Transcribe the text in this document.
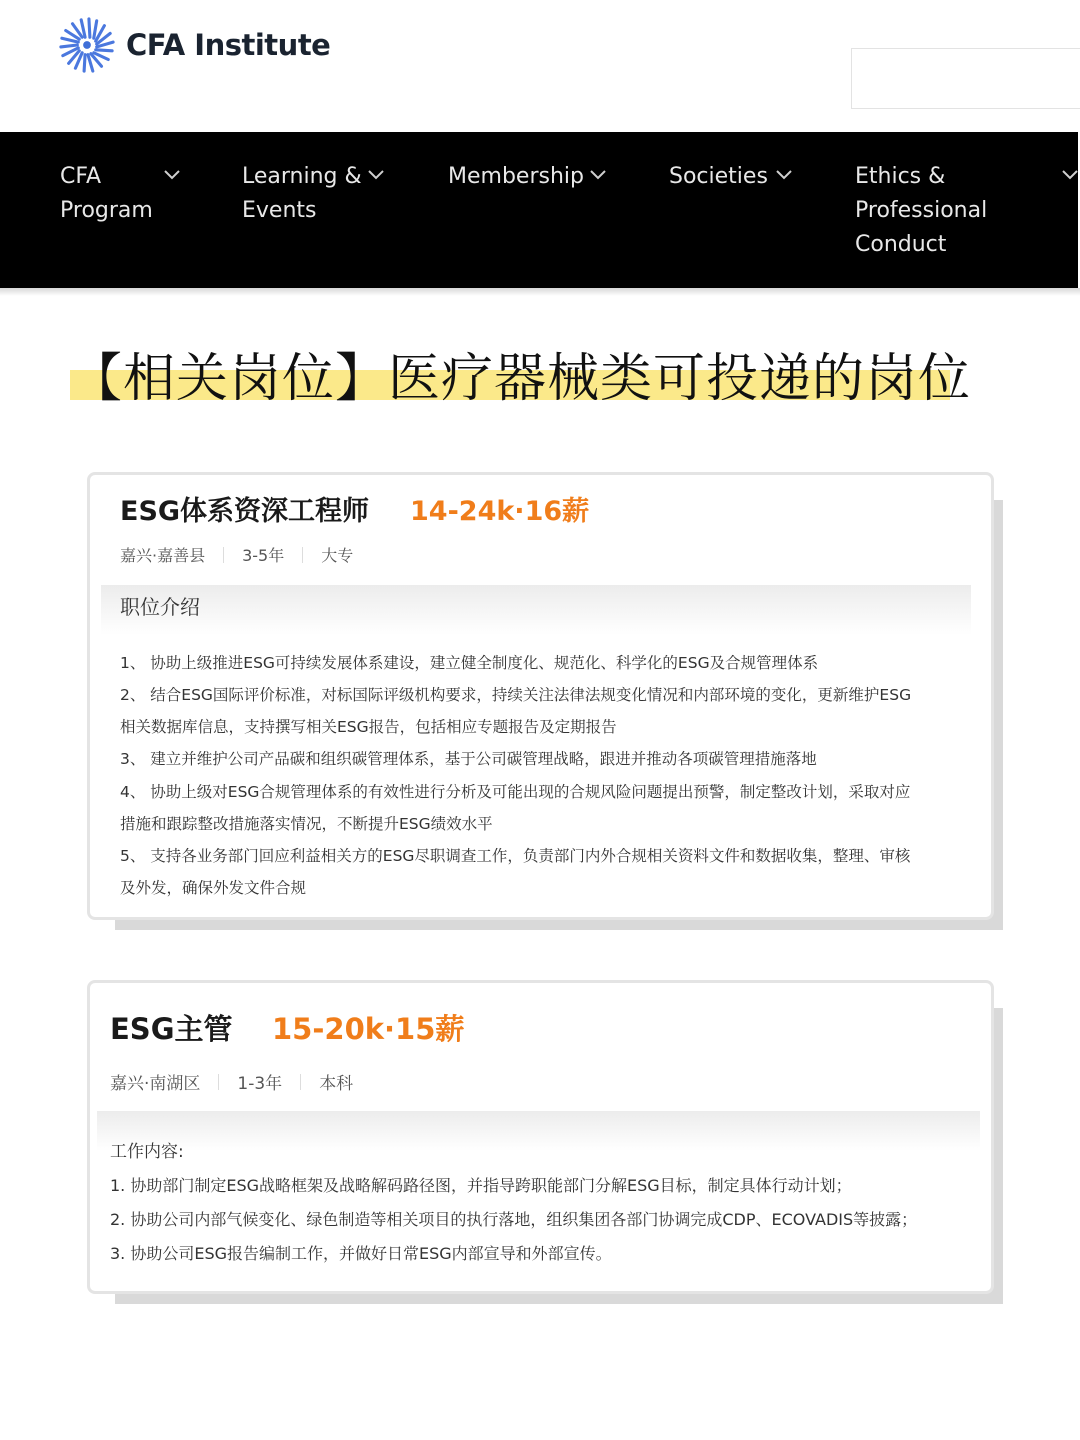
CFA Institute
CFA
Program
Learning &
Events
Membership	Societies	Ethics &
Professional
Conduct
【相关岗位】医疗器械类可投递的岗位
ESG体系资深工程师 14-24k·16薪
嘉兴·嘉善县 3-5年 大专
职位介绍
1、 协助上级推进ESG可持续发展体系建设，建立健全制度化、规范化、科学化的ESG及合规管理体系
2、 结合ESG国际评价标准，对标国际评级机构要求，持续关注法律法规变化情况和内部环境的变化，更新维护ESG
相关数据库信息，支持撰写相关ESG报告，包括相应专题报告及定期报告
3、 建立并维护公司产品碳和组织碳管理体系，基于公司碳管理战略，跟进并推动各项碳管理措施落地
4、 协助上级对ESG合规管理体系的有效性进行分析及可能出现的合规风险问题提出预警，制定整改计划，采取对应
措施和跟踪整改措施落实情况，不断提升ESG绩效水平
5、 支持各业务部门回应利益相关方的ESG尽职调查工作，负责部门内外合规相关资料文件和数据收集，整理、审核
及外发，确保外发文件合规
ESG主管 15-20k·15薪
嘉兴·南湖区 1-3年 本科
工作内容:
1. 协助部门制定ESG战略框架及战略解码路径图，并指导跨职能部门分解ESG目标，制定具体行动计划；
2. 协助公司内部气候变化、绿色制造等相关项目的执行落地，组织集团各部门协调完成CDP、ECOVADIS等披露；
3. 协助公司ESG报告编制工作，并做好日常ESG内部宣导和外部宣传。
